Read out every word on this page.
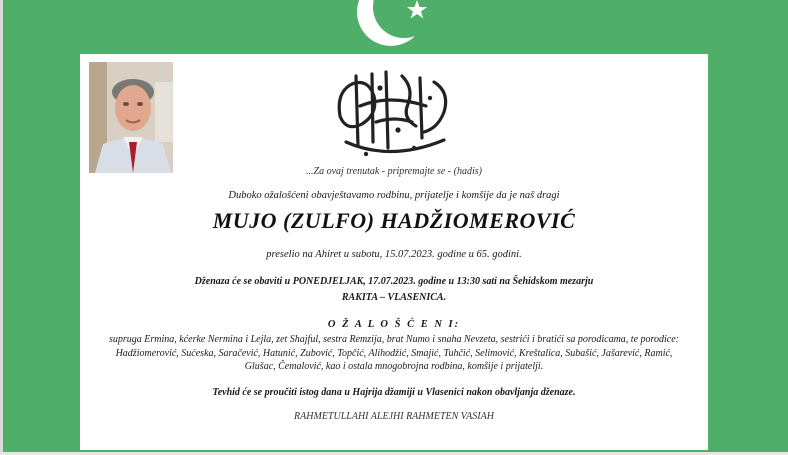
...Za ovaj trenutak - pripremajte se - (hadis)
Duboko ožalošćeni obavještavamo rodbinu, prijatelje i komšije da je naš dragi
MUJO (ZULFO) HADŽIOMEROVIĆ
preselio na Ahiret u subotu, 15.07.2023. godine u 65. godini.
Dženaza će se obaviti u PONEDJELJAK, 17.07.2023. godine u 13:30 sati na Šehidskom mezarju
RAKITA – VLASENICA.
O Ž A L O Š Ć E N I:
supruga Ermina, kćerke Nermina i Lejla, zet Shajful, sestra Remzija, brat Numo i snaha Nevzeta, sestrići i bratići sa porodicama, te porodice: Hadžiomerović, Sućeska, Saračević, Hatunić, Zubović, Topčić, Alihodžić, Smajić, Tuhčić, Selimović, Kreštalica, Subašić, Jašarević, Ramić, Glušac, Čemalović, kao i ostala mnogobrojna rodbina, komšije i prijatelji.
Tevhid će se proučiti istog dana u Hajrija džamiji u Vlasenici nakon obavljanja dženaze.
RAHMETULLAHI ALEJHI RAHMETEN VASIAH
